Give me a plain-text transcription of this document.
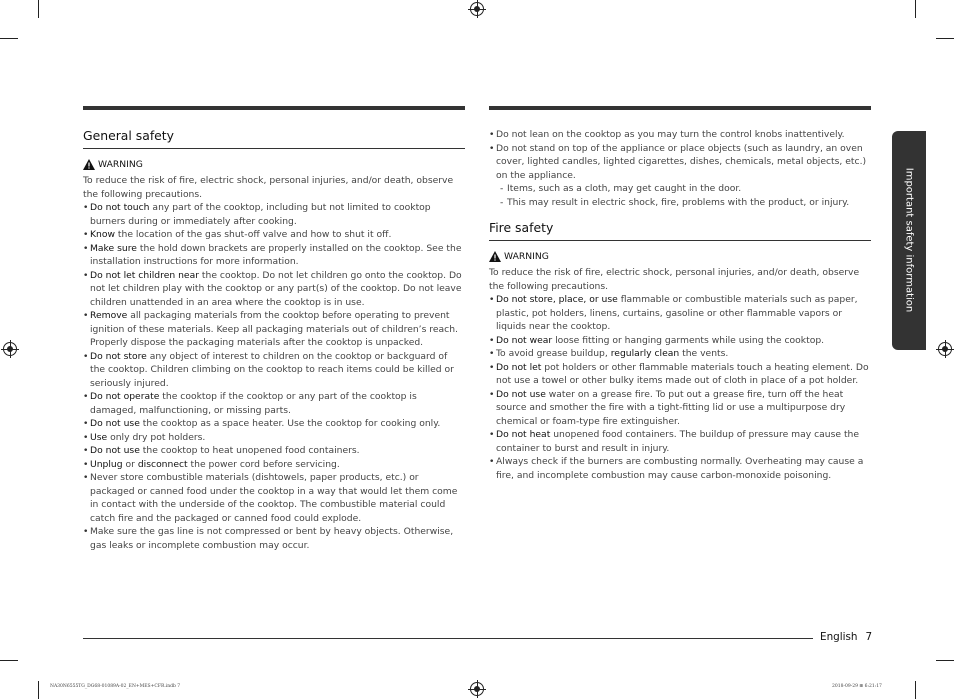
General safety
WARNING

To reduce the risk of fire, electric shock, personal injuries, and/or death, observe the following precautions.

• Do not touch any part of the cooktop, including but not limited to cooktop burners during or immediately after cooking.
• Know the location of the gas shut-off valve and how to shut it off.
• Make sure the hold down brackets are properly installed on the cooktop. See the installation instructions for more information.
• Do not let children near the cooktop. Do not let children go onto the cooktop. Do not let children play with the cooktop or any part(s) of the cooktop. Do not leave children unattended in an area where the cooktop is in use.
• Remove all packaging materials from the cooktop before operating to prevent ignition of these materials. Keep all packaging materials out of children’s reach. Properly dispose the packaging materials after the cooktop is unpacked.
• Do not store any object of interest to children on the cooktop or backguard of the cooktop. Children climbing on the cooktop to reach items could be killed or seriously injured.
• Do not operate the cooktop if the cooktop or any part of the cooktop is damaged, malfunctioning, or missing parts.
• Do not use the cooktop as a space heater. Use the cooktop for cooking only.
• Use only dry pot holders.
• Do not use the cooktop to heat unopened food containers.
• Unplug or disconnect the power cord before servicing.
• Never store combustible materials (dishtowels, paper products, etc.) or packaged or canned food under the cooktop in a way that would let them come in contact with the underside of the cooktop. The combustible material could catch fire and the packaged or canned food could explode.
• Make sure the gas line is not compressed or bent by heavy objects. Otherwise, gas leaks or incomplete combustion may occur.
• Do not lean on the cooktop as you may turn the control knobs inattentively.
• Do not stand on top of the appliance or place objects (such as laundry, an oven cover, lighted candles, lighted cigarettes, dishes, chemicals, metal objects, etc.) on the appliance.
- Items, such as a cloth, may get caught in the door.
- This may result in electric shock, fire, problems with the product, or injury.
Fire safety
WARNING

To reduce the risk of fire, electric shock, personal injuries, and/or death, observe the following precautions.

• Do not store, place, or use flammable or combustible materials such as paper, plastic, pot holders, linens, curtains, gasoline or other flammable vapors or liquids near the cooktop.
• Do not wear loose fitting or hanging garments while using the cooktop.
• To avoid grease buildup, regularly clean the vents.
• Do not let pot holders or other flammable materials touch a heating element. Do not use a towel or other bulky items made out of cloth in place of a pot holder.
• Do not use water on a grease fire. To put out a grease fire, turn off the heat source and smother the fire with a tight-fitting lid or use a multipurpose dry chemical or foam-type fire extinguisher.
• Do not heat unopened food containers. The buildup of pressure may cause the container to burst and result in injury.
• Always check if the burners are combusting normally. Overheating may cause a fire, and incomplete combustion may cause carbon-monoxide poisoning.
Important safety information
English 7
NA30N6555TG_DG68-01089A-02_EN+MES+CFR.indb 7	2018-09-29 ⊞ 6:21:17
